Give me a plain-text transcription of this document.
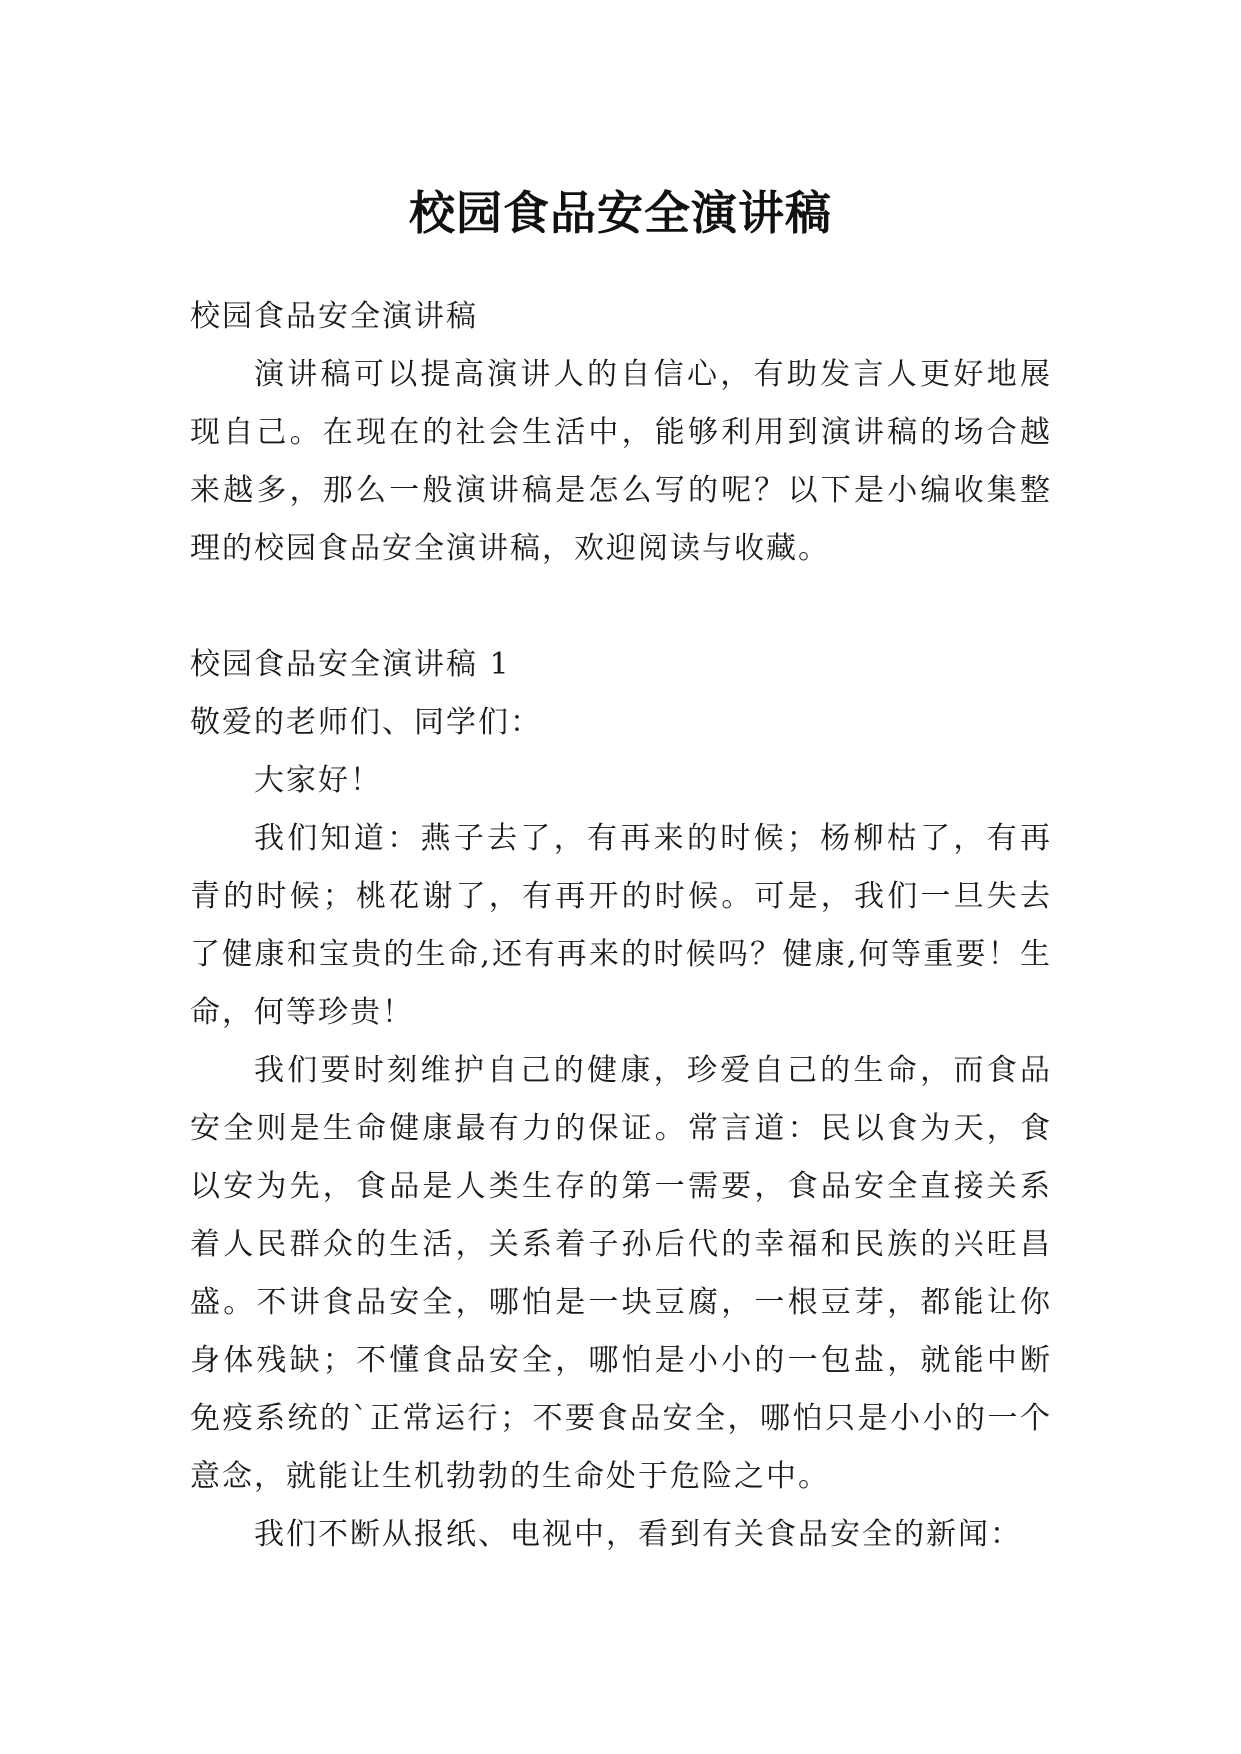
校园食品安全演讲稿

校园食品安全演讲稿

演讲稿可以提高演讲人的自信心，有助发言人更好地展现自己。在现在的社会生活中，能够利用到演讲稿的场合越来越多，那么一般演讲稿是怎么写的呢？以下是小编收集整理的校园食品安全演讲稿，欢迎阅读与收藏。

校园食品安全演讲稿 1

敬爱的老师们、同学们：

大家好！

我们知道：燕子去了，有再来的时候；杨柳枯了，有再青的时候；桃花谢了，有再开的时候。可是，我们一旦失去了健康和宝贵的生命,还有再来的时候吗？健康,何等重要！生命，何等珍贵！

我们要时刻维护自己的健康，珍爱自己的生命，而食品安全则是生命健康最有力的保证。常言道：民以食为天，食以安为先，食品是人类生存的第一需要，食品安全直接关系着人民群众的生活，关系着子孙后代的幸福和民族的兴旺昌盛。不讲食品安全，哪怕是一块豆腐，一根豆芽，都能让你身体残缺；不懂食品安全，哪怕是小小的一包盐，就能中断免疫系统的`正常运行；不要食品安全，哪怕只是小小的一个意念，就能让生机勃勃的生命处于危险之中。

我们不断从报纸、电视中，看到有关食品安全的新闻：
